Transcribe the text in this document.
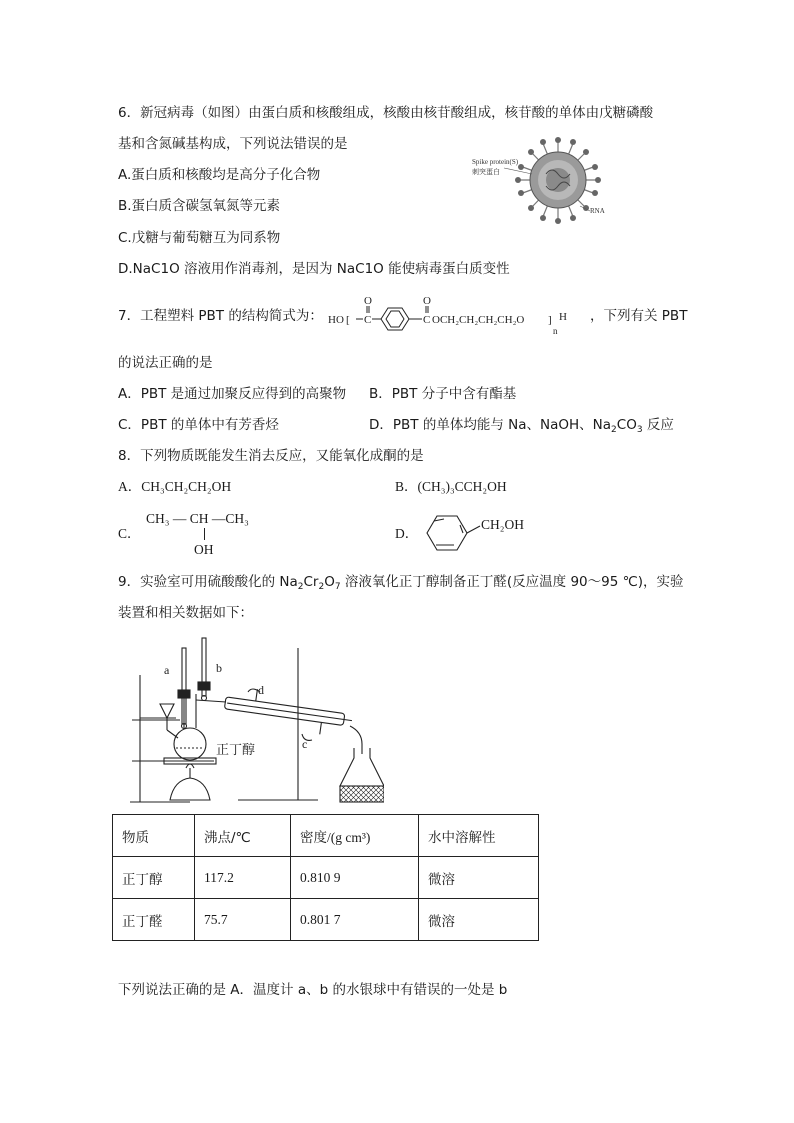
6．新冠病毒（如图）由蛋白质和核酸组成，核酸由核苷酸组成，核苷酸的单体由戊糖磷酸
基和含氮碱基构成，下列说法错误的是
A.蛋白质和核酸均是高分子化合物
B.蛋白质含碳氢氧氮等元素
C.戊糖与葡萄糖互为同系物
D.NaC1O 溶液用作消毒剂，是因为 NaC1O 能使病毒蛋白质变性
Spike protein(S)
刺突蛋白
RNA
7．工程塑料 PBT 的结构简式为： HO [
O
C
O
C OCH₂CH₂CH₂CH₂O ] H
n
，下列有关 PBT
的说法正确的是
A．PBT 是通过加聚反应得到的高聚物 B．PBT 分子中含有酯基
C．PBT 的单体中有芳香烃	D．PBT 的单体均能与 Na、NaOH、$Na_2CO_3$ 反应
8．下列物质既能发生消去反应，又能氧化成酮的是
A．CH₃CH₂CH₂OH	B．(CH₃)₃CCH₂OH
C．
CH₃ — CH —CH₃
OH
D．
CH₂OH
9．实验室可用硫酸酸化的 $Na_2Cr_2O_7$ 溶液氧化正丁醇制备正丁醛(反应温度 90～95 ℃)，实验
装置和相关数据如下：
a	b
c
d
正丁醇
物质	沸点/℃	密度/(g cm³)	水中溶解性
正丁醇	117.2	0.810 9	微溶
正丁醛	75.7	0.801 7	微溶
下列说法正确的是 A．温度计 a、b 的水银球中有错误的一处是 b
